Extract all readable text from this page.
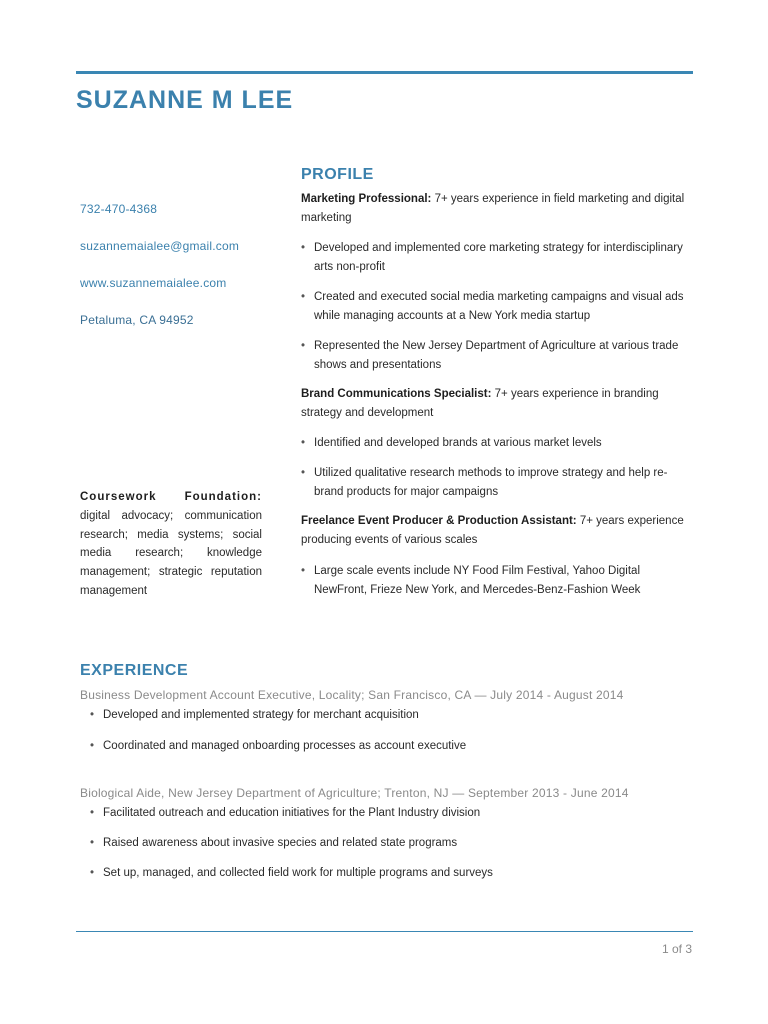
SUZANNE M LEE
732-470-4368
suzannemaialee@gmail.com
www.suzannemaialee.com
Petaluma, CA 94952
Coursework Foundation: digital advocacy; communication research; media systems; social media research; knowledge management; strategic reputation management
PROFILE
Marketing Professional: 7+ years experience in field marketing and digital marketing
• Developed and implemented core marketing strategy for interdisciplinary arts non-profit
• Created and executed social media marketing campaigns and visual ads while managing accounts at a New York media startup
• Represented the New Jersey Department of Agriculture at various trade shows and presentations
Brand Communications Specialist: 7+ years experience in branding strategy and development
• Identified and developed brands at various market levels
• Utilized qualitative research methods to improve strategy and help re-brand products for major campaigns
Freelance Event Producer & Production Assistant: 7+ years experience producing events of various scales
• Large scale events include NY Food Film Festival, Yahoo Digital NewFront, Frieze New York, and Mercedes-Benz-Fashion Week
EXPERIENCE
Business Development Account Executive, Locality; San Francisco, CA — July 2014 - August 2014
• Developed and implemented strategy for merchant acquisition
• Coordinated and managed onboarding processes as account executive
Biological Aide, New Jersey Department of Agriculture; Trenton, NJ — September 2013 - June 2014
• Facilitated outreach and education initiatives for the Plant Industry division
• Raised awareness about invasive species and related state programs
• Set up, managed, and collected field work for multiple programs and surveys
1 of 3
